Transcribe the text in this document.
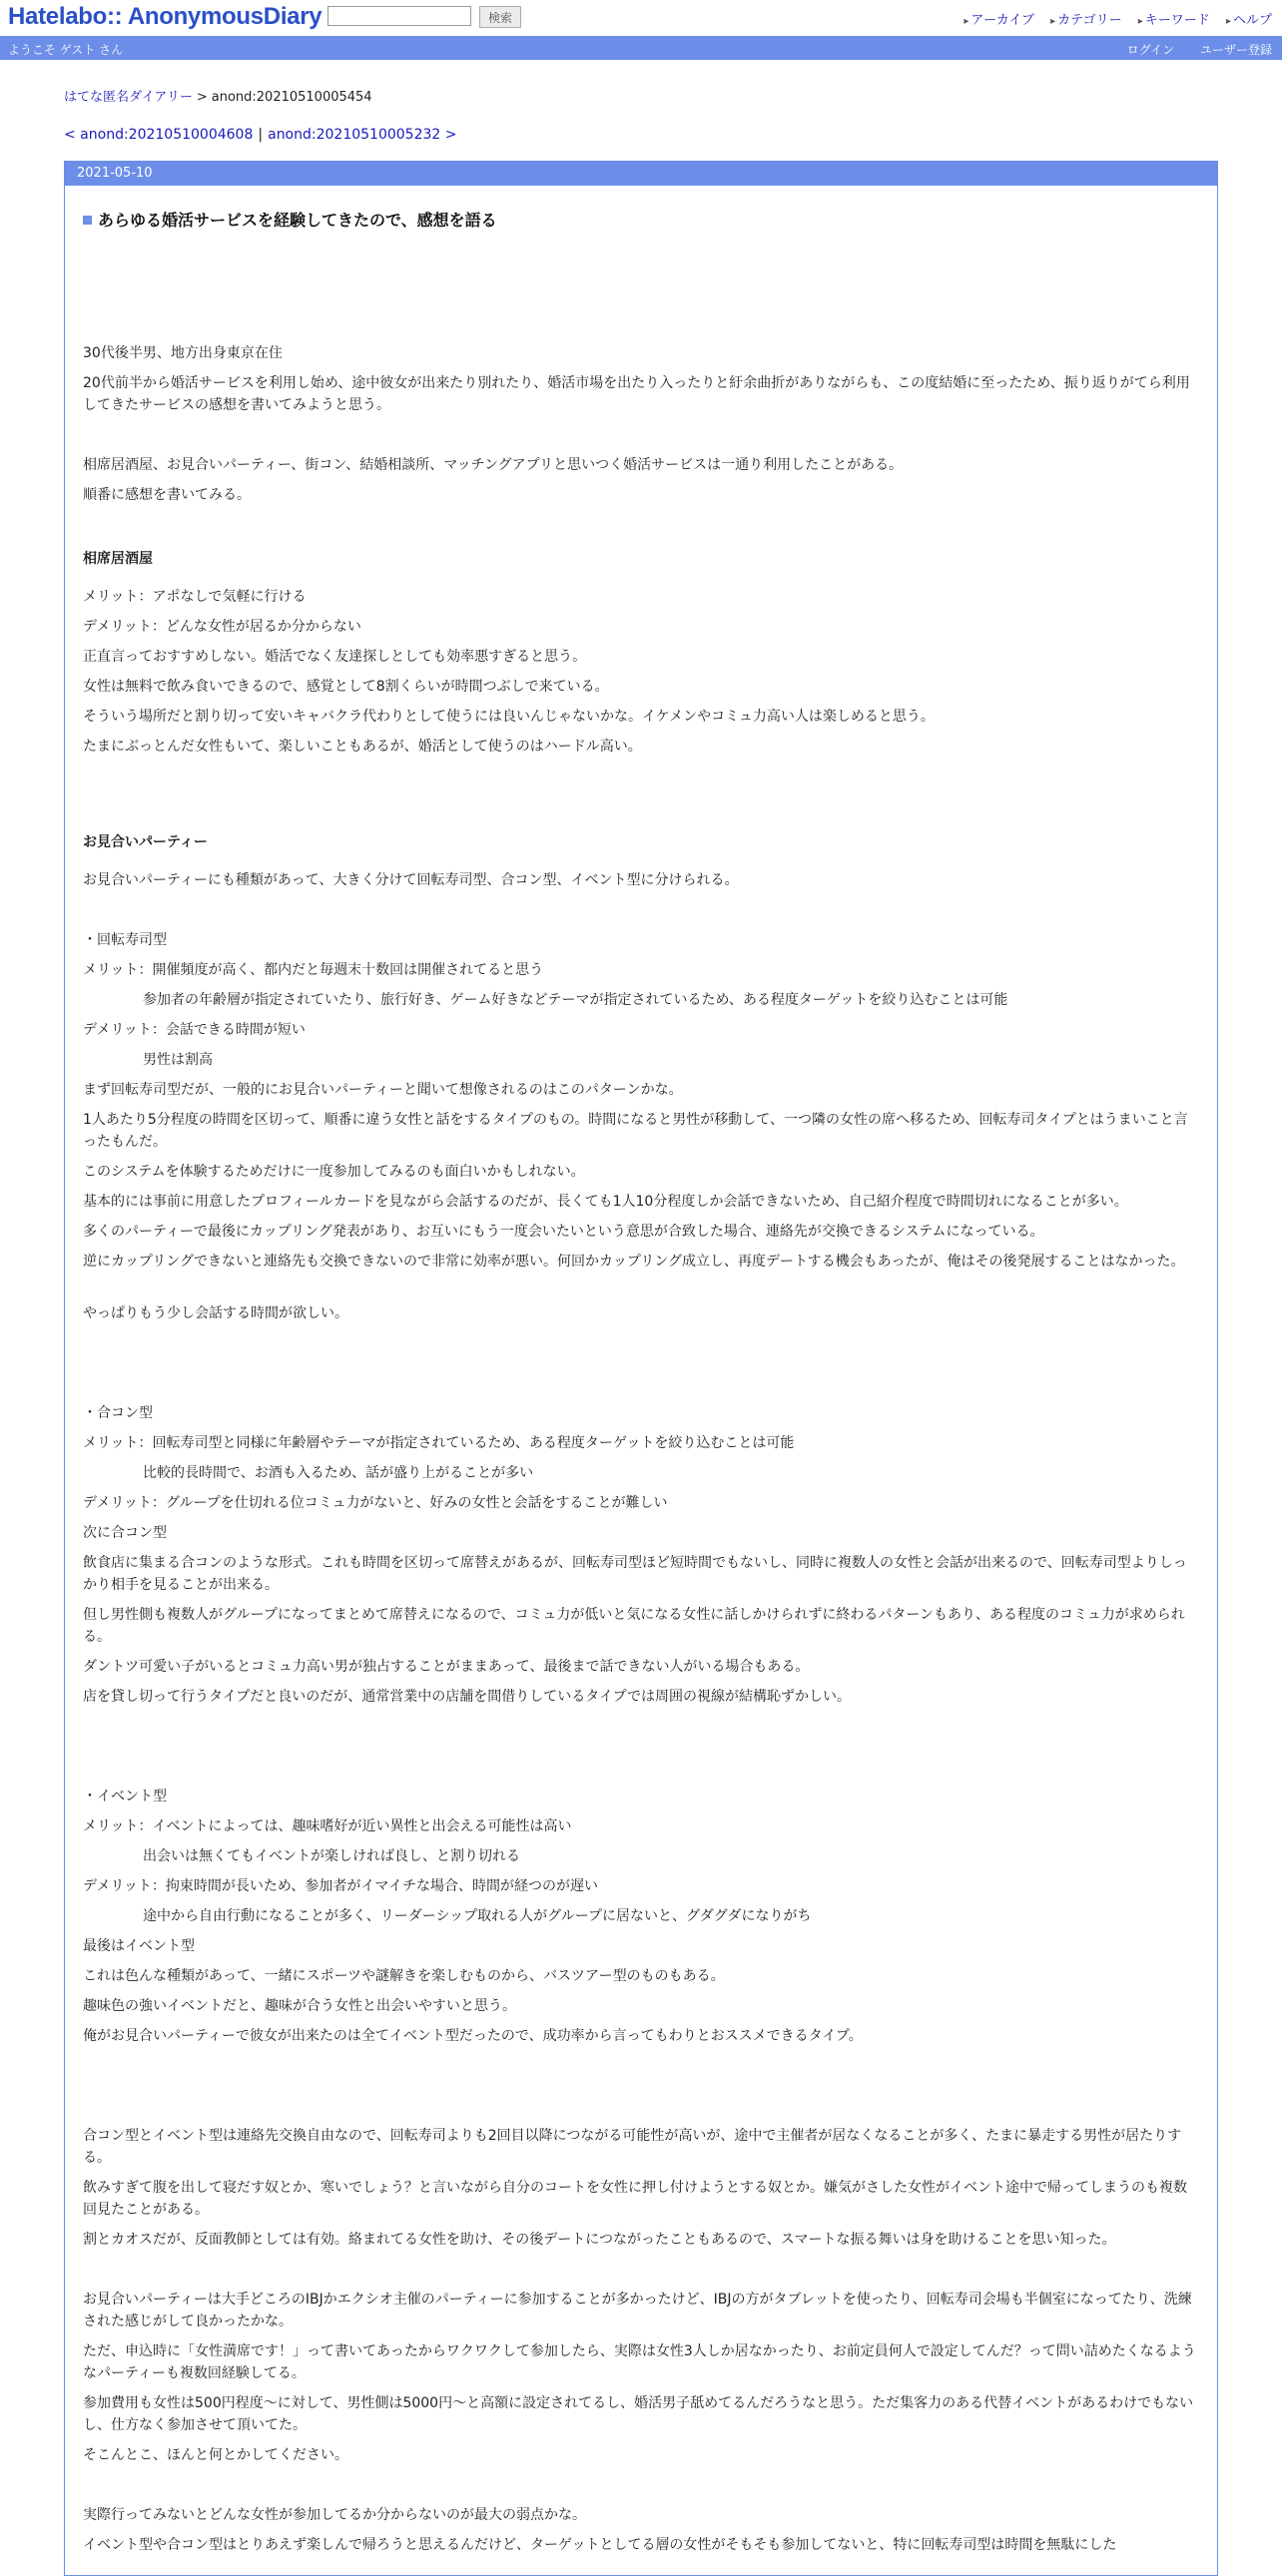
Hatelabo:: AnonymousDiary	検索	▸ アーカイブ ▸ カテゴリー ▸ キーワード ▸ ヘルプ
ようこそ ゲスト さん	ログイン ユーザー登録
はてな匿名ダイアリー > anond:20210510005454
< anond:20210510004608 | anond:20210510005232 >
2021-05-10
あらゆる婚活サービスを経験してきたので、感想を語る
30代後半男、地方出身東京在住
20代前半から婚活サービスを利用し始め、途中彼女が出来たり別れたり、婚活市場を出たり入ったりと紆余曲折がありながらも、この度結婚に至ったため、振り返りがてら利用してきたサービスの感想を書いてみようと思う。
相席居酒屋、お見合いパーティー、街コン、結婚相談所、マッチングアプリと思いつく婚活サービスは一通り利用したことがある。
順番に感想を書いてみる。
相席居酒屋
メリット：アポなしで気軽に行ける
デメリット：どんな女性が居るか分からない
正直言っておすすめしない。婚活でなく友達探しとしても効率悪すぎると思う。
女性は無料で飲み食いできるので、感覚として8割くらいが時間つぶしで来ている。
そういう場所だと割り切って安いキャバクラ代わりとして使うには良いんじゃないかな。イケメンやコミュ力高い人は楽しめると思う。
たまにぶっとんだ女性もいて、楽しいこともあるが、婚活として使うのはハードル高い。
お見合いパーティー
お見合いパーティーにも種類があって、大きく分けて回転寿司型、合コン型、イベント型に分けられる。
・回転寿司型
メリット：開催頻度が高く、都内だと毎週末十数回は開催されてると思う
参加者の年齢層が指定されていたり、旅行好き、ゲーム好きなどテーマが指定されているため、ある程度ターゲットを絞り込むことは可能
デメリット：会話できる時間が短い
男性は割高
まず回転寿司型だが、一般的にお見合いパーティーと聞いて想像されるのはこのパターンかな。
1人あたり5分程度の時間を区切って、順番に違う女性と話をするタイプのもの。時間になると男性が移動して、一つ隣の女性の席へ移るため、回転寿司タイプとはうまいこと言ったもんだ。
このシステムを体験するためだけに一度参加してみるのも面白いかもしれない。
基本的には事前に用意したプロフィールカードを見ながら会話するのだが、長くても1人10分程度しか会話できないため、自己紹介程度で時間切れになることが多い。
多くのパーティーで最後にカップリング発表があり、お互いにもう一度会いたいという意思が合致した場合、連絡先が交換できるシステムになっている。
逆にカップリングできないと連絡先も交換できないので非常に効率が悪い。何回かカップリング成立し、再度デートする機会もあったが、俺はその後発展することはなかった。
やっぱりもう少し会話する時間が欲しい。
・合コン型
メリット：回転寿司型と同様に年齢層やテーマが指定されているため、ある程度ターゲットを絞り込むことは可能
比較的長時間で、お酒も入るため、話が盛り上がることが多い
デメリット：グループを仕切れる位コミュ力がないと、好みの女性と会話をすることが難しい
次に合コン型
飲食店に集まる合コンのような形式。これも時間を区切って席替えがあるが、回転寿司型ほど短時間でもないし、同時に複数人の女性と会話が出来るので、回転寿司型よりしっかり相手を見ることが出来る。
但し男性側も複数人がグループになってまとめて席替えになるので、コミュ力が低いと気になる女性に話しかけられずに終わるパターンもあり、ある程度のコミュ力が求められる。
ダントツ可愛い子がいるとコミュ力高い男が独占することがままあって、最後まで話できない人がいる場合もある。
店を貸し切って行うタイプだと良いのだが、通常営業中の店舗を間借りしているタイプでは周囲の視線が結構恥ずかしい。
・イベント型
メリット：イベントによっては、趣味嗜好が近い異性と出会える可能性は高い
出会いは無くてもイベントが楽しければ良し、と割り切れる
デメリット：拘束時間が長いため、参加者がイマイチな場合、時間が経つのが遅い
途中から自由行動になることが多く、リーダーシップ取れる人がグループに居ないと、グダグダになりがち
最後はイベント型
これは色んな種類があって、一緒にスポーツや謎解きを楽しむものから、バスツアー型のものもある。
趣味色の強いイベントだと、趣味が合う女性と出会いやすいと思う。
俺がお見合いパーティーで彼女が出来たのは全てイベント型だったので、成功率から言ってもわりとおススメできるタイプ。
合コン型とイベント型は連絡先交換自由なので、回転寿司よりも2回目以降につながる可能性が高いが、途中で主催者が居なくなることが多く、たまに暴走する男性が居たりする。
飲みすぎて腹を出して寝だす奴とか、寒いでしょう？と言いながら自分のコートを女性に押し付けようとする奴とか。嫌気がさした女性がイベント途中で帰ってしまうのも複数回見たことがある。
割とカオスだが、反面教師としては有効。絡まれてる女性を助け、その後デートにつながったこともあるので、スマートな振る舞いは身を助けることを思い知った。
お見合いパーティーは大手どころのIBJかエクシオ主催のパーティーに参加することが多かったけど、IBJの方がタブレットを使ったり、回転寿司会場も半個室になってたり、洗練された感じがして良かったかな。
ただ、申込時に「女性満席です！」って書いてあったからワクワクして参加したら、実際は女性3人しか居なかったり、お前定員何人で設定してんだ？って問い詰めたくなるようなパーティーも複数回経験してる。
参加費用も女性は500円程度～に対して、男性側は5000円～と高額に設定されてるし、婚活男子舐めてるんだろうなと思う。ただ集客力のある代替イベントがあるわけでもないし、仕方なく参加させて頂いてた。
そこんとこ、ほんと何とかしてください。
実際行ってみないとどんな女性が参加してるか分からないのが最大の弱点かな。
イベント型や合コン型はとりあえず楽しんで帰ろうと思えるんだけど、ターゲットとしてる層の女性がそもそも参加してないと、特に回転寿司型は時間を無駄にした
